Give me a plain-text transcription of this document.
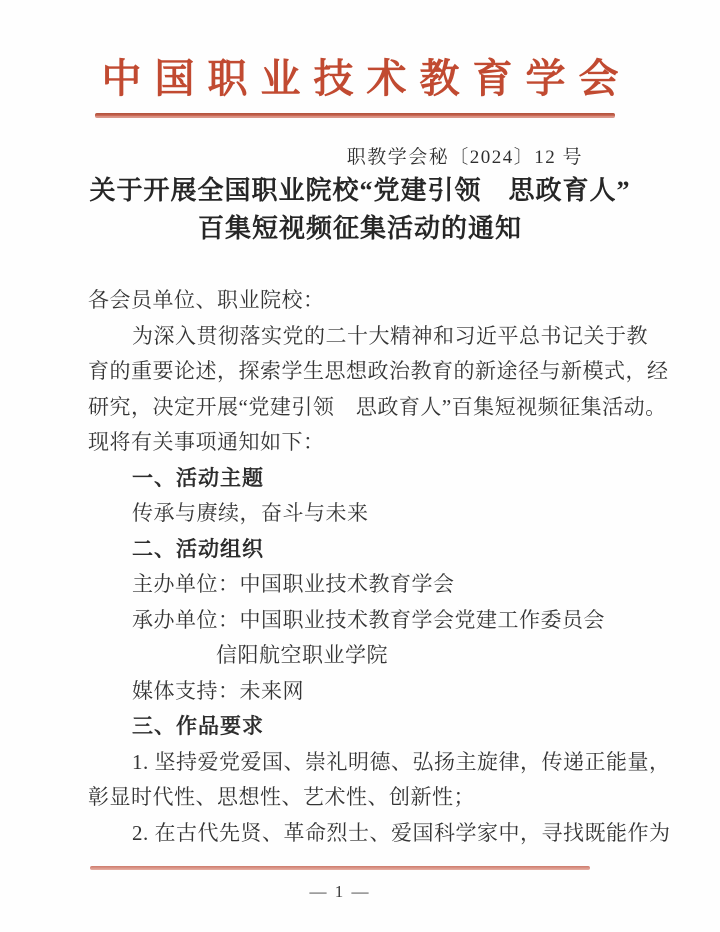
中国职业技术教育学会
职教学会秘〔2024〕12 号
关于开展全国职业院校“党建引领　思政育人”
百集短视频征集活动的通知
各会员单位、职业院校：
为深入贯彻落实党的二十大精神和习近平总书记关于教
育的重要论述，探索学生思想政治教育的新途径与新模式，经
研究，决定开展“党建引领　思政育人”百集短视频征集活动。
现将有关事项通知如下：
一、活动主题
传承与赓续，奋斗与未来
二、活动组织
主办单位：中国职业技术教育学会
承办单位：中国职业技术教育学会党建工作委员会
信阳航空职业学院
媒体支持：未来网
三、作品要求
1. 坚持爱党爱国、崇礼明德、弘扬主旋律，传递正能量，
彰显时代性、思想性、艺术性、创新性；
2. 在古代先贤、革命烈士、爱国科学家中，寻找既能作为
— 1 —
